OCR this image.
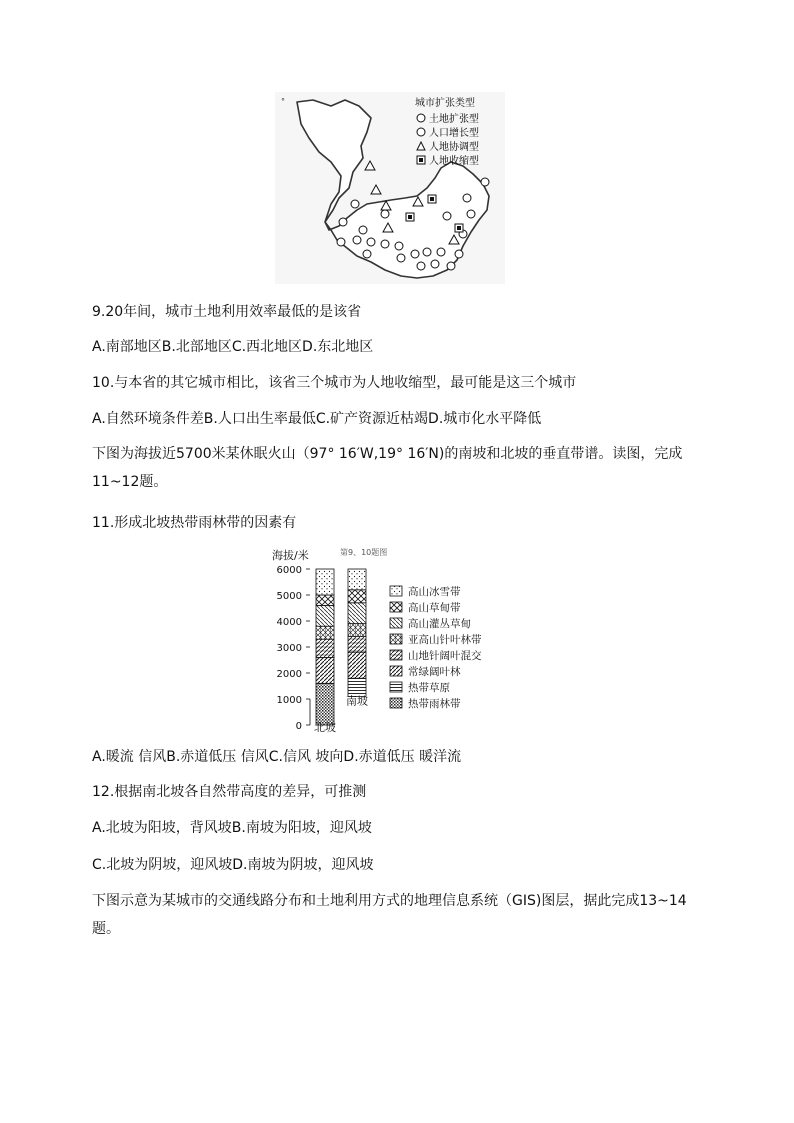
°	城市扩张类型
土地扩张型
人口增长型
人地协调型
人地收缩型
9.20年间，城市土地利用效率最低的是该省
A.南部地区B.北部地区C.西北地区D.东北地区
10.与本省的其它城市相比，该省三个城市为人地收缩型，最可能是这三个城市
A.自然环境条件差B.人口出生率最低C.矿产资源近枯竭D.城市化水平降低
下图为海拔近5700米某休眠火山（97° 16′W,19° 16′N)的南坡和北坡的垂直带谱。读图，完成11~12题。
11.形成北坡热带雨林带的因素有
第9、10题图
海拔/米
0
1000
2000
3000
4000
5000
6000
北坡
南坡
高山冰雪带
高山草甸带
高山灌丛草甸
亚高山针叶林带
山地针阔叶混交
常绿阔叶林
热带草原
热带雨林带
A.暖流 信风B.赤道低压 信风C.信风 坡向D.赤道低压 暖洋流
12.根据南北坡各自然带高度的差异，可推测
A.北坡为阳坡，背风坡B.南坡为阳坡，迎风坡
C.北坡为阴坡，迎风坡D.南坡为阴坡，迎风坡
下图示意为某城市的交通线路分布和土地利用方式的地理信息系统（GIS)图层，据此完成13~14题。
